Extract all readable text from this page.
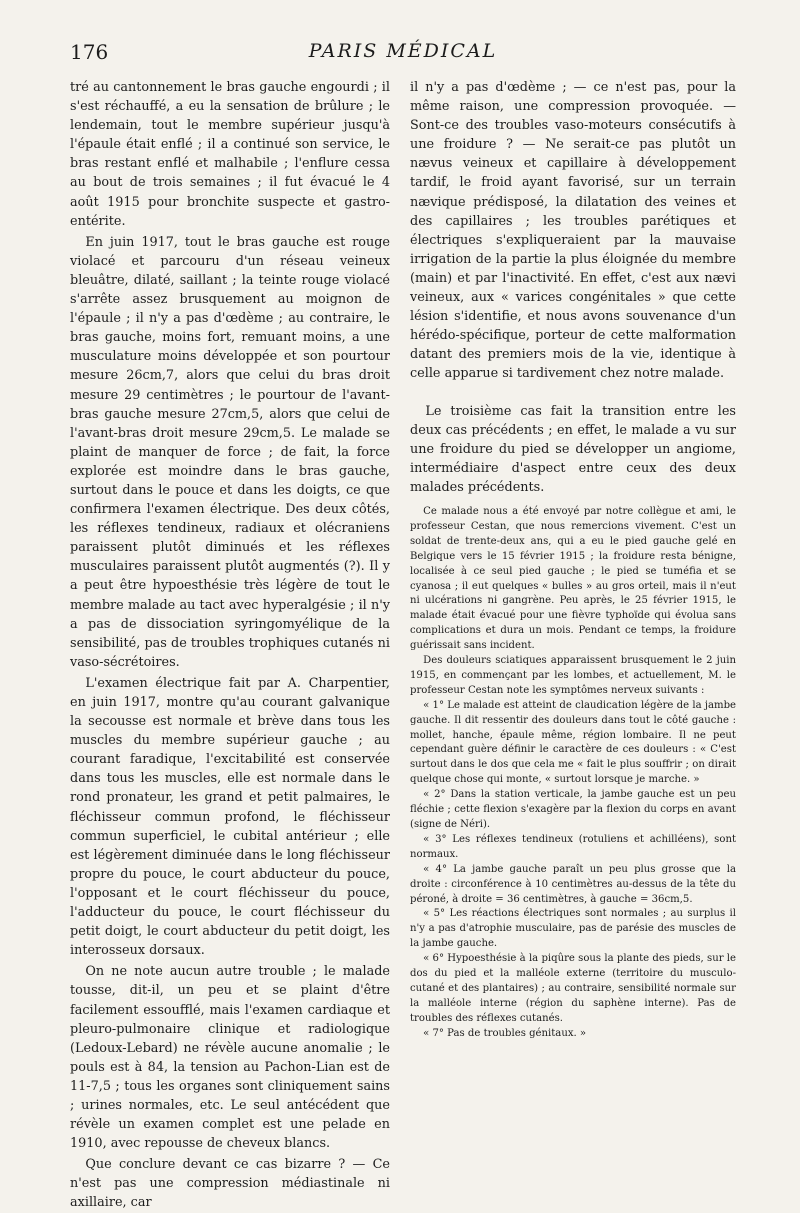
176	PARIS MÉDICAL

tré au cantonnement le bras gauche engourdi ; il s'est réchauffé, a eu la sensation de brûlure ; le lendemain, tout le membre supérieur jusqu'à l'épaule était enflé ; il a continué son service, le bras restant enflé et malhabile ; l'enflure cessa au bout de trois semaines ; il fut évacué le 4 août 1915 pour bronchite suspecte et gastro-entérite.

En juin 1917, tout le bras gauche est rouge violacé et parcouru d'un réseau veineux bleuâtre, dilaté, saillant ; la teinte rouge violacé s'arrête assez brusquement au moignon de l'épaule ; il n'y a pas d'œdème ; au contraire, le bras gauche, moins fort, remuant moins, a une musculature moins développée et son pourtour mesure 26cm,7, alors que celui du bras droit mesure 29 centimètres ; le pourtour de l'avant-bras gauche mesure 27cm,5, alors que celui de l'avant-bras droit mesure 29cm,5. Le malade se plaint de manquer de force ; de fait, la force explorée est moindre dans le bras gauche, surtout dans le pouce et dans les doigts, ce que confirmera l'examen électrique. Des deux côtés, les réflexes tendineux, radiaux et olécraniens paraissent plutôt diminués et les réflexes musculaires paraissent plutôt augmentés (?). Il y a peut être hypoesthésie très légère de tout le membre malade au tact avec hyperalgésie ; il n'y a pas de dissociation syringomyélique de la sensibilité, pas de troubles trophiques cutanés ni vaso-sécrétoires.

L'examen électrique fait par A. Charpentier, en juin 1917, montre qu'au courant galvanique la secousse est normale et brève dans tous les muscles du membre supérieur gauche ; au courant faradique, l'excitabilité est conservée dans tous les muscles, elle est normale dans le rond pronateur, les grand et petit palmaires, le fléchisseur commun profond, le fléchisseur commun superficiel, le cubital antérieur ; elle est légèrement diminuée dans le long fléchisseur propre du pouce, le court abducteur du pouce, l'opposant et le court fléchisseur du pouce, l'adducteur du pouce, le court fléchisseur du petit doigt, le court abducteur du petit doigt, les interosseux dorsaux.

On ne note aucun autre trouble ; le malade tousse, dit-il, un peu et se plaint d'être facilement essoufflé, mais l'examen cardiaque et pleuro-pulmonaire clinique et radiologique (Ledoux-Lebard) ne révèle aucune anomalie ; le pouls est à 84, la tension au Pachon-Lian est de 11-7,5 ; tous les organes sont cliniquement sains ; urines normales, etc. Le seul antécédent que révèle un examen complet est une pelade en 1910, avec repousse de cheveux blancs.

Que conclure devant ce cas bizarre ? — Ce n'est pas une compression médiastinale ni axillaire, car

il n'y a pas d'œdème ; — ce n'est pas, pour la même raison, une compression provoquée. — Sont-ce des troubles vaso-moteurs consécutifs à une froidure ? — Ne serait-ce pas plutôt un nævus veineux et capillaire à développement tardif, le froid ayant favorisé, sur un terrain nævique prédisposé, la dilatation des veines et des capillaires ; les troubles parétiques et électriques s'expliqueraient par la mauvaise irrigation de la partie la plus éloignée du membre (main) et par l'inactivité. En effet, c'est aux nævi veineux, aux « varices congénitales » que cette lésion s'identifie, et nous avons souvenance d'un hérédo-spécifique, porteur de cette malformation datant des premiers mois de la vie, identique à celle apparue si tardivement chez notre malade.

Le troisième cas fait la transition entre les deux cas précédents ; en effet, le malade a vu sur une froidure du pied se développer un angiome, intermédiaire d'aspect entre ceux des deux malades précédents.

Ce malade nous a été envoyé par notre collègue et ami, le professeur Cestan, que nous remercions vivement. C'est un soldat de trente-deux ans, qui a eu le pied gauche gelé en Belgique vers le 15 février 1915 ; la froidure resta bénigne, localisée à ce seul pied gauche ; le pied se tuméfia et se cyanosa ; il eut quelques « bulles » au gros orteil, mais il n'eut ni ulcérations ni gangrène. Peu après, le 25 février 1915, le malade était évacué pour une fièvre typhoïde qui évolua sans complications et dura un mois. Pendant ce temps, la froidure guérissait sans incident.

Des douleurs sciatiques apparaissent brusquement le 2 juin 1915, en commençant par les lombes, et actuellement, M. le professeur Cestan note les symptômes nerveux suivants :

« 1° Le malade est atteint de claudication légère de la jambe gauche. Il dit ressentir des douleurs dans tout le côté gauche : mollet, hanche, épaule même, région lombaire. Il ne peut cependant guère définir le caractère de ces douleurs : « C'est surtout dans le dos que cela me « fait le plus souffrir ; on dirait quelque chose qui monte, « surtout lorsque je marche. »

« 2° Dans la station verticale, la jambe gauche est un peu fléchie ; cette flexion s'exagère par la flexion du corps en avant (signe de Néri).

« 3° Les réflexes tendineux (rotuliens et achilléens), sont normaux.

« 4° La jambe gauche paraît un peu plus grosse que la droite : circonférence à 10 centimètres au-dessus de la tête du péroné, à droite = 36 centimètres, à gauche = 36cm,5.

« 5° Les réactions électriques sont normales ; au surplus il n'y a pas d'atrophie musculaire, pas de parésie des muscles de la jambe gauche.

« 6° Hypoesthésie à la piqûre sous la plante des pieds, sur le dos du pied et la malléole externe (territoire du musculo-cutané et des plantaires) ; au contraire, sensibilité normale sur la malléole interne (région du saphène interne). Pas de troubles des réflexes cutanés.

« 7° Pas de troubles génitaux. »
